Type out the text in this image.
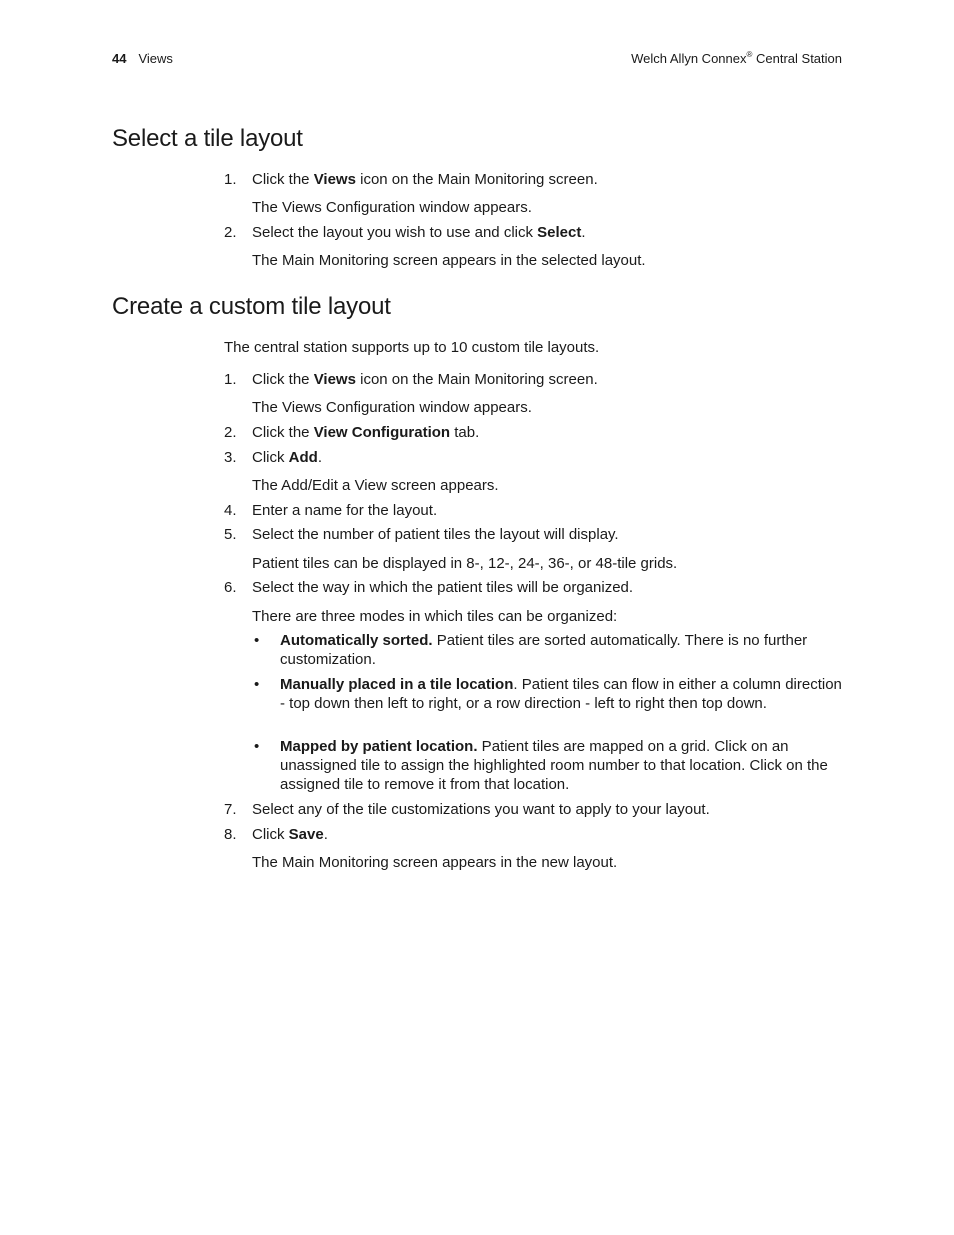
44 Views	Welch Allyn Connex® Central Station
Select a tile layout
1.	Click the Views icon on the Main Monitoring screen.
The Views Configuration window appears.
2.	Select the layout you wish to use and click Select.
The Main Monitoring screen appears in the selected layout.
Create a custom tile layout
The central station supports up to 10 custom tile layouts.
1.	Click the Views icon on the Main Monitoring screen.
The Views Configuration window appears.
2.	Click the View Configuration tab.
3.	Click Add.
The Add/Edit a View screen appears.
4.	Enter a name for the layout.
5.	Select the number of patient tiles the layout will display.
Patient tiles can be displayed in 8-, 12-, 24-, 36-, or 48-tile grids.
6.	Select the way in which the patient tiles will be organized.
There are three modes in which tiles can be organized:
• Automatically sorted. Patient tiles are sorted automatically. There is no further customization.
• Manually placed in a tile location. Patient tiles can flow in either a column direction - top down then left to right, or a row direction - left to right then top down.
• Mapped by patient location. Patient tiles are mapped on a grid. Click on an unassigned tile to assign the highlighted room number to that location. Click on the assigned tile to remove it from that location.
7.	Select any of the tile customizations you want to apply to your layout.
8.	Click Save.
The Main Monitoring screen appears in the new layout.
